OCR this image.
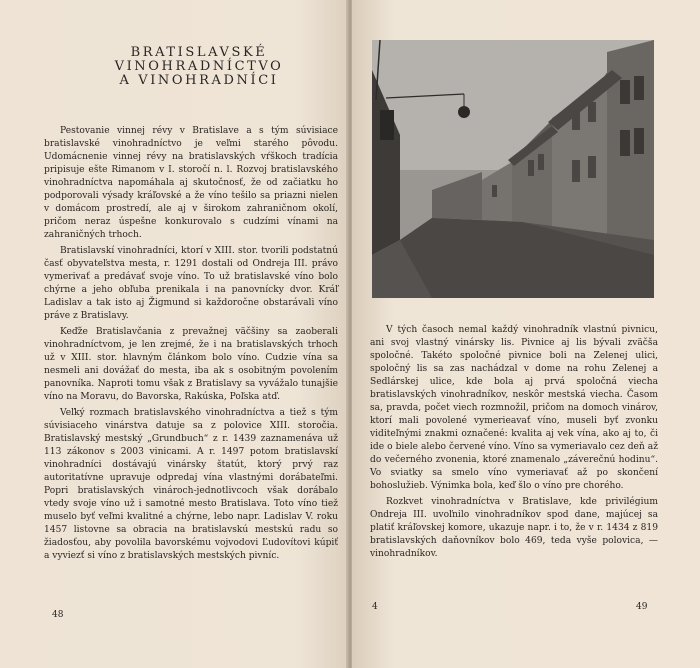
BRATISLAVSKÉ
VINOHRADNÍCTVO
A VINOHRADNÍCI

Pestovanie vinnej révy v Bratislave a s tým súvisiace bratislavské vinohradníctvo je veľmi starého pôvodu. Udomácnenie vinnej révy na bratislavských vŕškoch tradícia pripisuje ešte Rimanom v I. storočí n. l. Rozvoj bratislavského vinohradníctva napomáhala aj skutočnosť, že od začiatku ho podporovali výsady kráľovské a že víno tešilo sa priazni nielen v domácom prostredí, ale aj v širokom zahraničnom okolí, pričom neraz úspešne konkurovalo s cudzími vínami na zahraničných trhoch.

Bratislavskí vinohradníci, ktorí v XIII. stor. tvorili podstatnú časť obyvateľstva mesta, r. 1291 dostali od Ondreja III. právo vymerivať a predávať svoje víno. To už bratislavské víno bolo chýrne a jeho obľuba prenikala i na panovnícky dvor. Kráľ Ladislav a tak isto aj Žigmund si každoročne obstarávali víno práve z Bratislavy.

Keďže Bratislavčania z prevažnej väčšiny sa zaoberali vinohradníctvom, je len zrejmé, že i na bratislavských trhoch už v XIII. stor. hlavným článkom bolo víno. Cudzie vína sa nesmeli ani dovážať do mesta, iba ak s osobitným povolením panovníka. Naproti tomu však z Bratislavy sa vyvážalo tunajšie víno na Moravu, do Bavorska, Rakúska, Poľska atď.

Veľký rozmach bratislavského vinohradníctva a tiež s tým súvisiaceho vinárstva datuje sa z polovice XIII. storočia. Bratislavský mestský „Grundbuch“ z r. 1439 zaznamenáva už 113 zákonov s 2003 vinicami. A r. 1497 potom bratislavskí vinohradníci dostávajú vinársky štatút, ktorý prvý raz autoritatívne upravuje odpredaj vína vlastnými dorábateľmi. Popri bratislavských vinároch-jednotlivcoch však dorábalo vtedy svoje víno už i samotné mesto Bratislava. Toto víno tiež muselo byť veľmi kvalitné a chýrne, lebo napr. Ladislav V. roku 1457 listovne sa obracia na bratislavskú mestskú radu so žiadosťou, aby povolila bavorskému vojvodovi Ľudovítovi kúpiť a vyviezť si víno z bratislavských mestských pivníc.

48

V tých časoch nemal každý vinohradník vlastnú pivnicu, ani svoj vlastný vinársky lis. Pivnice aj lis bývali zväčša spoločné. Takéto spoločné pivnice boli na Zelenej ulici, spoločný lis sa zas nachádzal v dome na rohu Zelenej a Sedlárskej ulice, kde bola aj prvá spoločná viecha bratislavských vinohradníkov, neskôr mestská viecha. Časom sa, pravda, počet viech rozmnožil, pričom na domoch vinárov, ktorí mali povolené vymerieavať víno, museli byť zvonku viditeľnými znakmi označené: kvalita aj vek vína, ako aj to, či ide o biele alebo červené víno. Víno sa vymeriavalo cez deň až do večerného zvonenia, ktoré znamenalo „záverečnú hodinu“. Vo sviatky sa smelo víno vymeriavať až po skončení bohoslužieb. Výnimka bola, keď šlo o víno pre chorého.

Rozkvet vinohradníctva v Bratislave, kde privilégium Ondreja III. uvoľnilo vinohradníkov spod dane, majúcej sa platiť kráľovskej komore, ukazuje napr. i to, že v r. 1434 z 819 bratislavských daňovníkov bolo 469, teda vyše polovica, — vinohradníkov.

4	49
